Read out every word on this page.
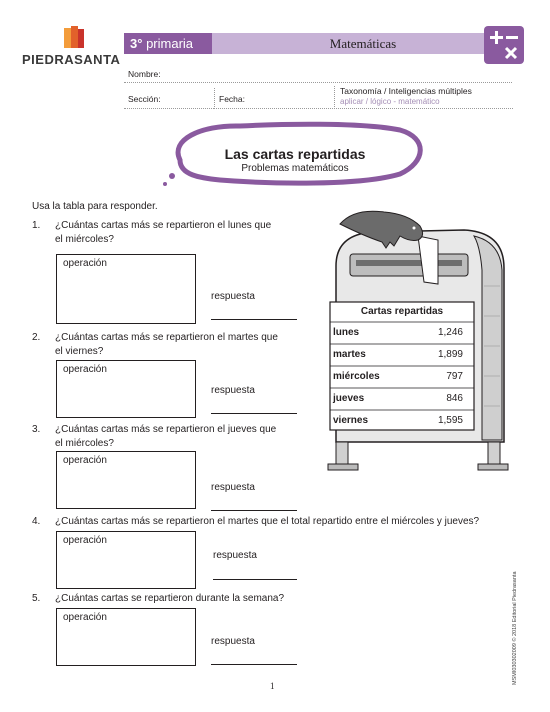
PIEDRASANTA
3° primaria	Matemáticas
Nombre:
Sección:	Fecha:
Taxonomía / Inteligencias múltiples
aplicar / lógico - matemático
Las cartas repartidas
Problemas matemáticos
Usa la tabla para responder.
1. ¿Cuántas cartas más se repartieron el lunes que
el miércoles?
operación
respuesta
2. ¿Cuántas cartas más se repartieron el martes que
el viernes?
operación
respuesta
3. ¿Cuántas cartas más se repartieron el jueves que
el miércoles?
operación
respuesta
4. ¿Cuántas cartas más se repartieron el martes que el total repartido entre el miércoles y jueves?
operación
respuesta
5. ¿Cuántas cartas se repartieron durante la semana?
operación
respuesta
Cartas repartidas
lunes	1,246
martes	1,899
miércoles	797
jueves	846
viernes	1,595
1
MSMI030302009 © 2018 Editorial Piedrasanta
